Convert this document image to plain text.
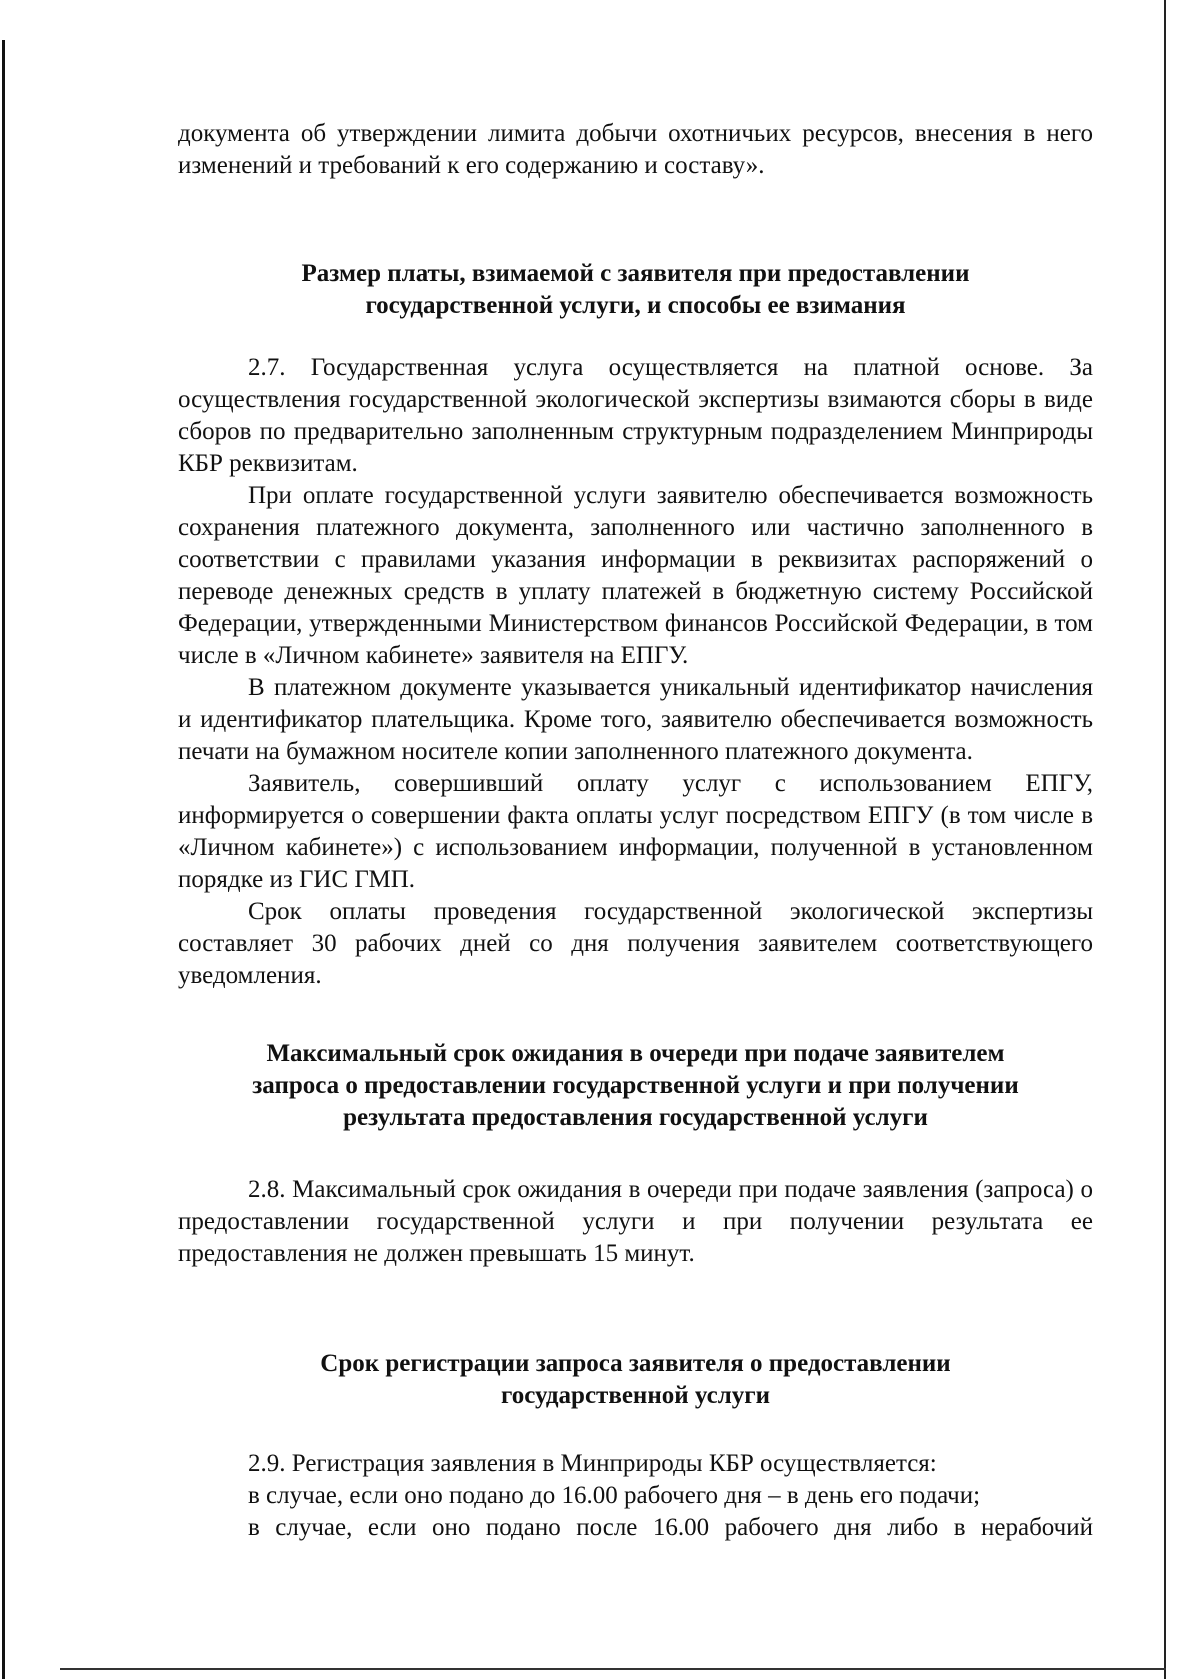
документа об утверждении лимита добычи охотничьих ресурсов, внесения в него изменений и требований к его содержанию и составу».

Размер платы, взимаемой с заявителя при предоставлении
государственной услуги, и способы ее взимания

2.7. Государственная услуга осуществляется на платной основе. За осуществления государственной экологической экспертизы взимаются сборы в виде сборов по предварительно заполненным структурным подразделением Минприроды КБР реквизитам.

При оплате государственной услуги заявителю обеспечивается возможность сохранения платежного документа, заполненного или частично заполненного в соответствии с правилами указания информации в реквизитах распоряжений о переводе денежных средств в уплату платежей в бюджетную систему Российской Федерации, утвержденными Министерством финансов Российской Федерации, в том числе в «Личном кабинете» заявителя на ЕПГУ.

В платежном документе указывается уникальный идентификатор начисления и идентификатор плательщика. Кроме того, заявителю обеспечивается возможность печати на бумажном носителе копии заполненного платежного документа.

Заявитель, совершивший оплату услуг с использованием ЕПГУ, информируется о совершении факта оплаты услуг посредством ЕПГУ (в том числе в «Личном кабинете») с использованием информации, полученной в установленном порядке из ГИС ГМП.

Срок оплаты проведения государственной экологической экспертизы составляет 30 рабочих дней со дня получения заявителем соответствующего уведомления.

Максимальный срок ожидания в очереди при подаче заявителем
запроса о предоставлении государственной услуги и при получении
результата предоставления государственной услуги

2.8. Максимальный срок ожидания в очереди при подаче заявления (запроса) о предоставлении государственной услуги и при получении результата ее предоставления не должен превышать 15 минут.

Срок регистрации запроса заявителя о предоставлении
государственной услуги

2.9. Регистрация заявления в Минприроды КБР осуществляется:

в случае, если оно подано до 16.00 рабочего дня – в день его подачи;

в случае, если оно подано после 16.00 рабочего дня либо в нерабочий
